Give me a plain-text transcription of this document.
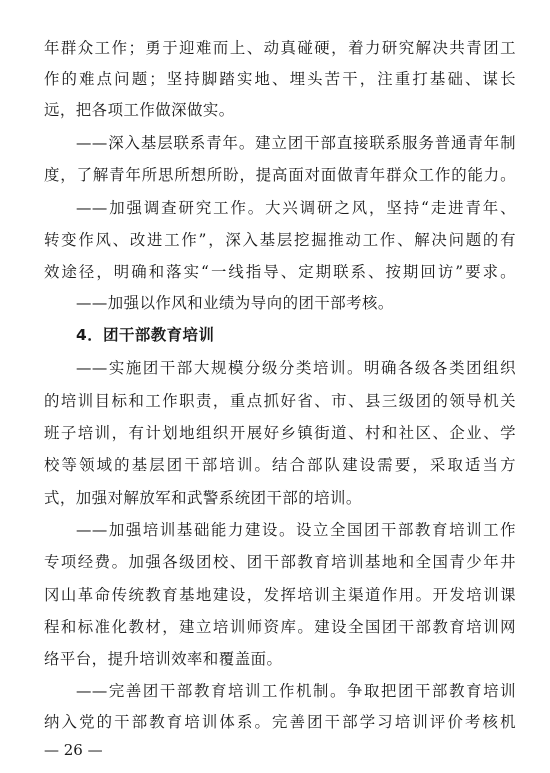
年群众工作；勇于迎难而上、动真碰硬，着力研究解决共青团工
作的难点问题；坚持脚踏实地、埋头苦干，注重打基础、谋长
远，把各项工作做深做实。
——深入基层联系青年。建立团干部直接联系服务普通青年制
度，了解青年所思所想所盼，提高面对面做青年群众工作的能力。
——加强调查研究工作。大兴调研之风，坚持“走进青年、
转变作风、改进工作”，深入基层挖掘推动工作、解决问题的有
效途径，明确和落实“一线指导、定期联系、按期回访”要求。
——加强以作风和业绩为导向的团干部考核。
4．团干部教育培训
——实施团干部大规模分级分类培训。明确各级各类团组织
的培训目标和工作职责，重点抓好省、市、县三级团的领导机关
班子培训，有计划地组织开展好乡镇街道、村和社区、企业、学
校等领域的基层团干部培训。结合部队建设需要，采取适当方
式，加强对解放军和武警系统团干部的培训。
——加强培训基础能力建设。设立全国团干部教育培训工作
专项经费。加强各级团校、团干部教育培训基地和全国青少年井
冈山革命传统教育基地建设，发挥培训主渠道作用。开发培训课
程和标准化教材，建立培训师资库。建设全国团干部教育培训网
络平台，提升培训效率和覆盖面。
——完善团干部教育培训工作机制。争取把团干部教育培训
纳入党的干部教育培训体系。完善团干部学习培训评价考核机
— 26 —
